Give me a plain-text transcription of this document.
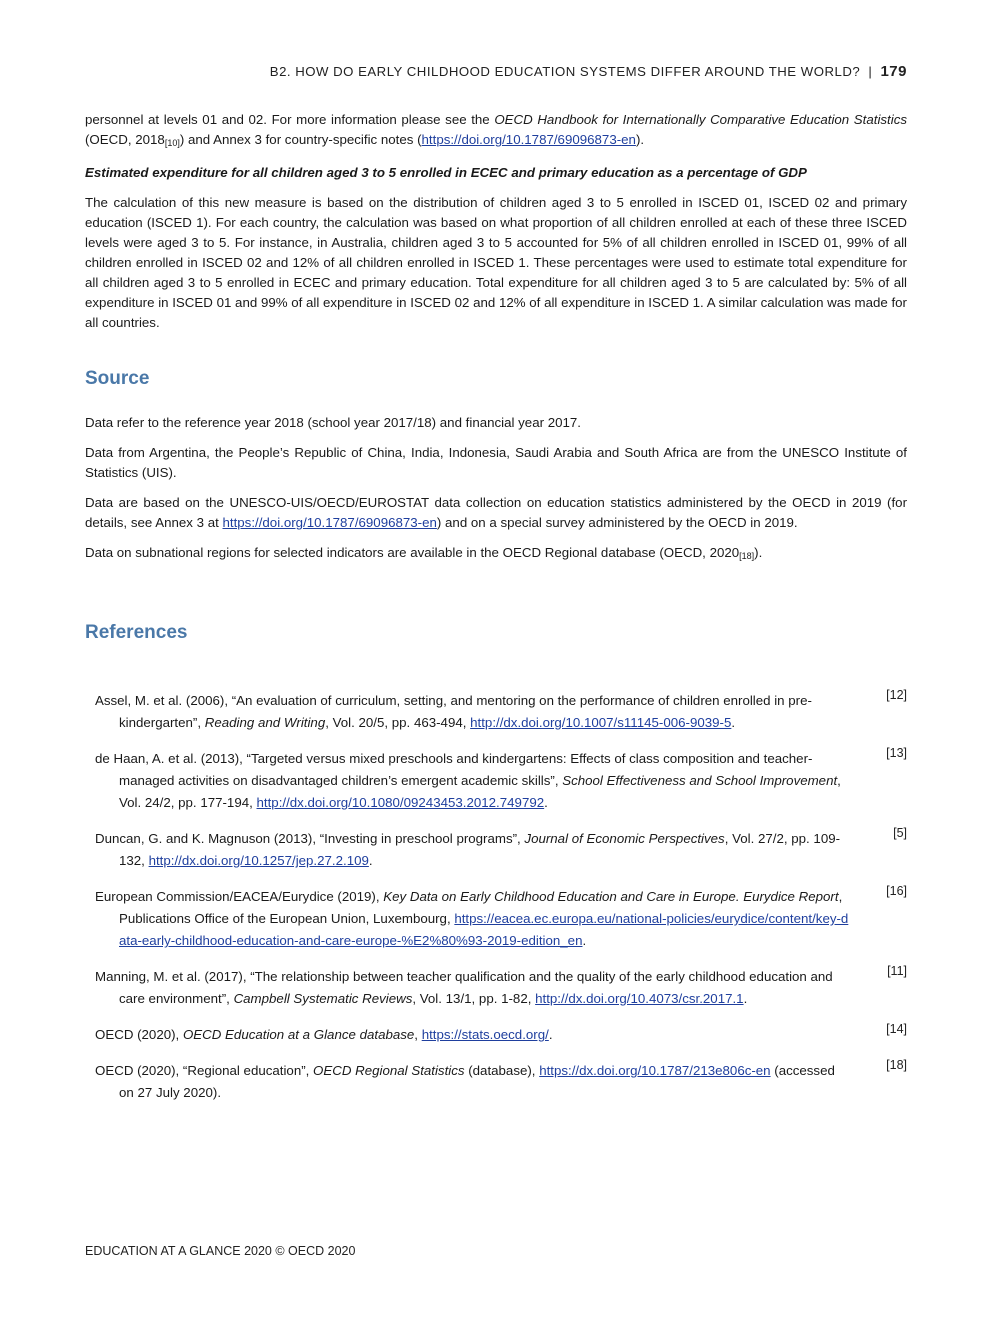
B2. HOW DO EARLY CHILDHOOD EDUCATION SYSTEMS DIFFER AROUND THE WORLD? | 179

personnel at levels 01 and 02. For more information please see the OECD Handbook for Internationally Comparative Education Statistics (OECD, $2018_{[10]}$) and Annex 3 for country-specific notes (https://doi.org/10.1787/69096873-en).

Estimated expenditure for all children aged 3 to 5 enrolled in ECEC and primary education as a percentage of GDP

The calculation of this new measure is based on the distribution of children aged 3 to 5 enrolled in ISCED 01, ISCED 02 and primary education (ISCED 1). For each country, the calculation was based on what proportion of all children enrolled at each of these three ISCED levels were aged 3 to 5. For instance, in Australia, children aged 3 to 5 accounted for 5% of all children enrolled in ISCED 01, 99% of all children enrolled in ISCED 02 and 12% of all children enrolled in ISCED 1. These percentages were used to estimate total expenditure for all children aged 3 to 5 enrolled in ECEC and primary education. Total expenditure for all children aged 3 to 5 are calculated by: 5% of all expenditure in ISCED 01 and 99% of all expenditure in ISCED 02 and 12% of all expenditure in ISCED 1. A similar calculation was made for all countries.

Source

Data refer to the reference year 2018 (school year 2017/18) and financial year 2017.

Data from Argentina, the People’s Republic of China, India, Indonesia, Saudi Arabia and South Africa are from the UNESCO Institute of Statistics (UIS).

Data are based on the UNESCO-UIS/OECD/EUROSTAT data collection on education statistics administered by the OECD in 2019 (for details, see Annex 3 at https://doi.org/10.1787/69096873-en) and on a special survey administered by the OECD in 2019.

Data on subnational regions for selected indicators are available in the OECD Regional database (OECD, $2020_{[18]}$).

References
Assel, M. et al. (2006), “An evaluation of curriculum, setting, and mentoring on the performance of children enrolled in pre-kindergarten”, Reading and Writing, Vol. 20/5, pp. 463-494, http://dx.doi.org/10.1007/s11145-006-9039-5.
[12]
de Haan, A. et al. (2013), “Targeted versus mixed preschools and kindergartens: Effects of class composition and teacher-managed activities on disadvantaged children’s emergent academic skills”, School Effectiveness and School Improvement, Vol. 24/2, pp. 177-194, http://dx.doi.org/10.1080/09243453.2012.749792.
[13]
Duncan, G. and K. Magnuson (2013), “Investing in preschool programs”, Journal of Economic Perspectives, Vol. 27/2, pp. 109-132, http://dx.doi.org/10.1257/jep.27.2.109.
[5]
European Commission/EACEA/Eurydice (2019), Key Data on Early Childhood Education and Care in Europe. Eurydice Report, Publications Office of the European Union, Luxembourg, https://eacea.ec.europa.eu/national-policies/eurydice/content/key-data-early-childhood-education-and-care-europe-%E2%80%93-2019-edition_en.
[16]
Manning, M. et al. (2017), “The relationship between teacher qualification and the quality of the early childhood education and care environment”, Campbell Systematic Reviews, Vol. 13/1, pp. 1-82, http://dx.doi.org/10.4073/csr.2017.1.
[11]
OECD (2020), OECD Education at a Glance database, https://stats.oecd.org/.	[14]
OECD (2020), “Regional education”, OECD Regional Statistics (database), https://dx.doi.org/10.1787/213e806c-en (accessed on 27 July 2020).
[18]
EDUCATION AT A GLANCE 2020 © OECD 2020
